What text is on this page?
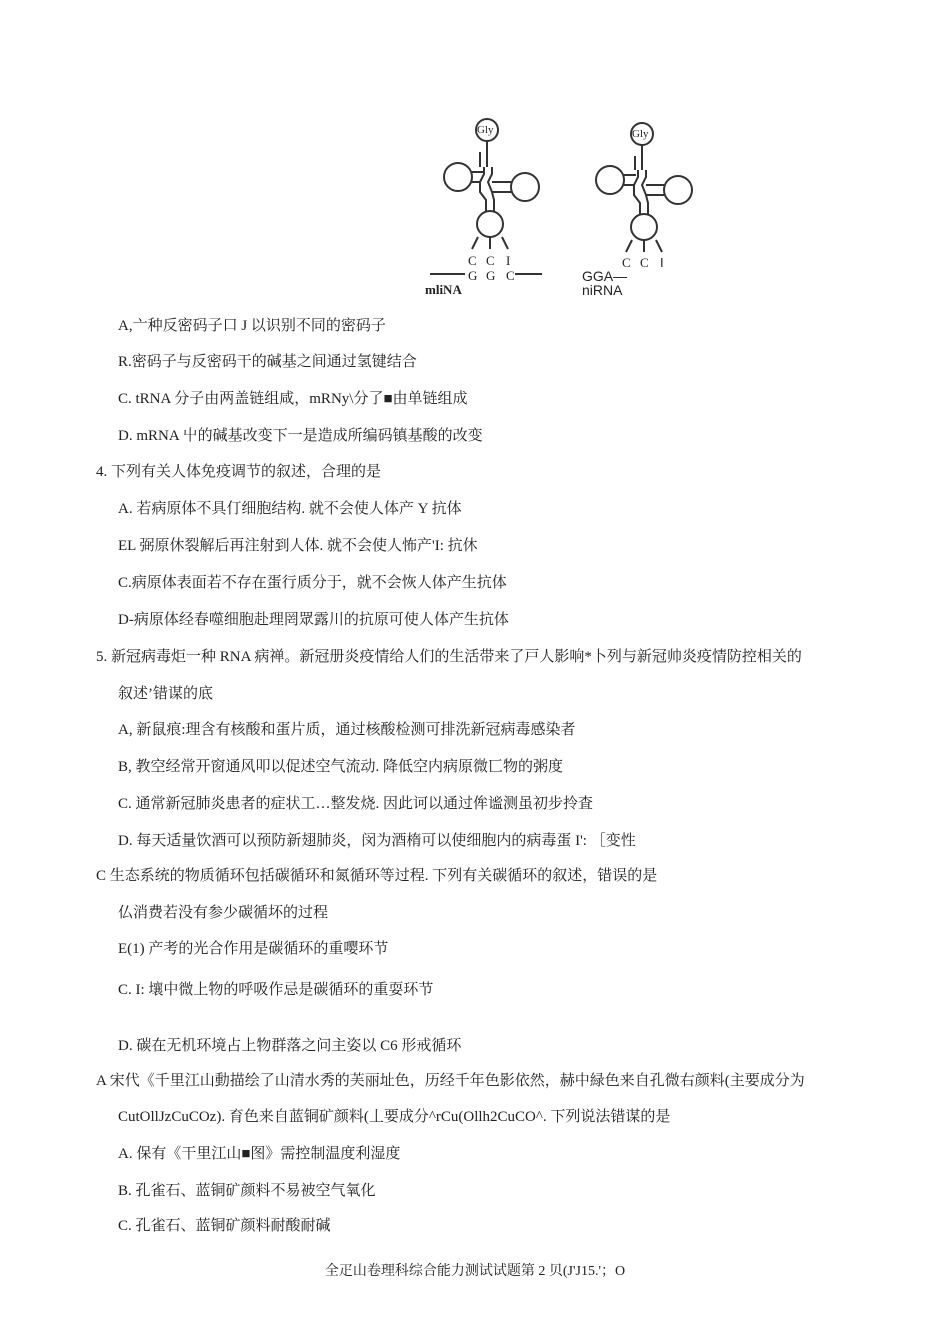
Gly
C C I
G G C
mliNA
Gly
C C I
GGA—
niRNA
A,亠种反密码子口 J 以识别不同的密码子
R.密码子与反密码干的碱基之间通过氢键结合
C. tRNA 分子由两盖链组咸，mRNy\分了■由单链组成
D. mRNA 屮的碱基改变下一是造成所编码镇基酸的改变
4. 下列有关人体免疫调节的叙述，合理的是
A. 若病原体不具仃细胞结构. 就不会使人体产 Y 抗体
EL 弼原休裂解后再注射到人体. 就不会使人怖产'I: 抗休
C.病原体表面若不存在蛋行质分于，就不会恢人体产生抗体
D-病原体经春噬细胞赴理罔眾露川的抗原可使人体产生抗体
5. 新冠病毒炬一种 RNA 病禅。新冠册炎疫情给人们的生活带来了戸人影响*卜列与新冠帅炎疫情防控相关的
叙述’错谋的底
A, 新鼠痕:理含有核酸和蛋片质，通过核酸检测可排洗新冠病毒感染者
B, 教空经常开窗通风叩以促述空气流动. 降低空内病原微匸物的粥度
C. 通常新冠肺炎患者的症状工…整发烧. 因此诃以通过侔谧测虽初步拎査
D. 每天适量饮酒可以预防新翅肺炎，闵为酒楕可以使细胞内的病毒蛋 I': ［变性
C 生态系统的物质循环包括碳循环和氮循环等过程. 下列有关碳循环的叙述，错误的是
仏消费若没有参少碳循坏的过程
E(1) 产考的光合作用是碳循环的重嘤环节
C. I: 壤中微上物的呼吸作忌是碳循环的重耍环节
D. 碳在无机环境占上物群落之问主姿以 C6 形戒循环
A 宋代《千里江山動描绘了山清水秀的芙丽址色，历经千年色影依然，赫中緑色来自孔微右颜料(主要成分为
CutOllJzCuCOz). 育色来自蓝铜矿颜料(丄要成分^rCu(Ollh2CuCO^. 下列说法错谋的是
A. 保有《干里江山■图》需控制温度利湿度
B. 孔雀石、蓝铜矿颜料不易被空气氧化
C. 孔雀石、蓝铜矿颜料耐酸耐碱
全疋山卷理科综合能力测试试题第 2 贝(J'J15.'；O
